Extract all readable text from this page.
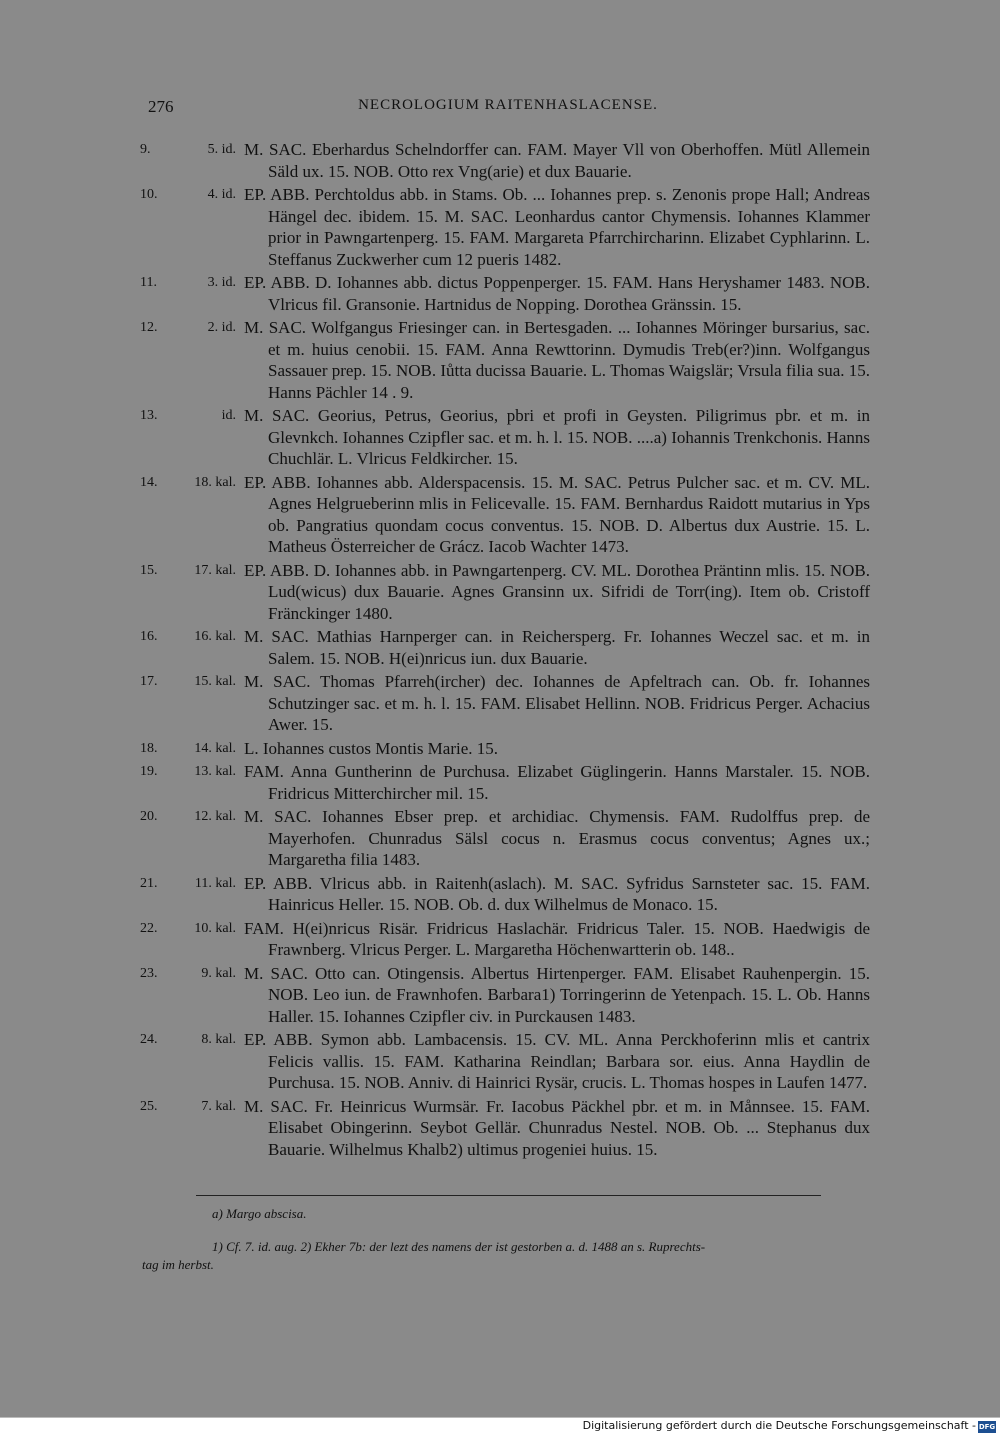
276	NECROLOGIUM RAITENHASLACENSE.
9.	5. id. M. SAC. Eberhardus Schelndorffer can. FAM. Mayer Vll von Oberhoffen. Mütl Allemein Säld ux. 15. NOB. Otto rex Vng(arie) et dux Bauarie.
10.	4. id. EP. ABB. Perchtoldus abb. in Stams. Ob. ... Iohannes prep. s. Zenonis prope Hall; Andreas Hängel dec. ibidem. 15. M. SAC. Leonhardus cantor Chymensis. Iohannes Klammer prior in Pawngartenperg. 15. FAM. Margareta Pfarrchircharinn. Elizabet Cyphlarinn. L. Steffanus Zuckwerher cum 12 pueris 1482.
11.	3. id. EP. ABB. D. Iohannes abb. dictus Poppenperger. 15. FAM. Hans Heryshamer 1483. NOB. Vlricus fil. Gransonie. Hartnidus de Nopping. Dorothea Gränssin. 15.
12.	2. id. M. SAC. Wolfgangus Friesinger can. in Bertesgaden. ... Iohannes Möringer bursarius, sac. et m. huius cenobii. 15. FAM. Anna Rewttorinn. Dymudis Treb(er?)inn. Wolfgangus Sassauer prep. 15. NOB. Iůtta ducissa Bauarie. L. Thomas Waigslär; Vrsula filia sua. 15. Hanns Pächler 14 . 9.
13.	id. M. SAC. Georius, Petrus, Georius, pbri et profi in Geysten. Piligrimus pbr. et m. in Glevnkch. Iohannes Czipfler sac. et m. h. l. 15. NOB. ....a) Iohannis Trenkchonis. Hanns Chuchlär. L. Vlricus Feldkircher. 15.
14.	18. kal. EP. ABB. Iohannes abb. Alderspacensis. 15. M. SAC. Petrus Pulcher sac. et m. CV. ML. Agnes Helgrueberinn mlis in Felicevalle. 15. FAM. Bernhardus Raidott mutarius in Yps ob. Pangratius quondam cocus conventus. 15. NOB. D. Albertus dux Austrie. 15. L. Matheus Österreicher de Grácz. Iacob Wachter 1473.
15.	17. kal. EP. ABB. D. Iohannes abb. in Pawngartenperg. CV. ML. Dorothea Präntinn mlis. 15. NOB. Lud(wicus) dux Bauarie. Agnes Gransinn ux. Sifridi de Torr(ing). Item ob. Cristoff Fränckinger 1480.
16.	16. kal. M. SAC. Mathias Harnperger can. in Reichersperg. Fr. Iohannes Weczel sac. et m. in Salem. 15. NOB. H(ei)nricus iun. dux Bauarie.
17.	15. kal. M. SAC. Thomas Pfarreh(ircher) dec. Iohannes de Apfeltrach can. Ob. fr. Iohannes Schutzinger sac. et m. h. l. 15. FAM. Elisabet Hellinn. NOB. Fridricus Perger. Achacius Awer. 15.
18.	14. kal. L. Iohannes custos Montis Marie. 15.
19.	13. kal. FAM. Anna Guntherinn de Purchusa. Elizabet Güglingerin. Hanns Marstaler. 15. NOB. Fridricus Mitterchircher mil. 15.
20.	12. kal. M. SAC. Iohannes Ebser prep. et archidiac. Chymensis. FAM. Rudolffus prep. de Mayerhofen. Chunradus Sälsl cocus n. Erasmus cocus conventus; Agnes ux.; Margaretha filia 1483.
21.	11. kal. EP. ABB. Vlricus abb. in Raitenh(aslach). M. SAC. Syfridus Sarnsteter sac. 15. FAM. Hainricus Heller. 15. NOB. Ob. d. dux Wilhelmus de Monaco. 15.
22.	10. kal. FAM. H(ei)nricus Risär. Fridricus Haslachär. Fridricus Taler. 15. NOB. Haedwigis de Frawnberg. Vlricus Perger. L. Margaretha Höchenwartterin ob. 148..
23.	9. kal. M. SAC. Otto can. Otingensis. Albertus Hirtenperger. FAM. Elisabet Rauhenpergin. 15. NOB. Leo iun. de Frawnhofen. Barbara1) Torringerinn de Yetenpach. 15. L. Ob. Hanns Haller. 15. Iohannes Czipfler civ. in Purckausen 1483.
24.	8. kal. EP. ABB. Symon abb. Lambacensis. 15. CV. ML. Anna Perckhoferinn mlis et cantrix Felicis vallis. 15. FAM. Katharina Reindlan; Barbara sor. eius. Anna Haydlin de Purchusa. 15. NOB. Anniv. di Hainrici Rysär, crucis. L. Thomas hospes in Laufen 1477.
25.	7. kal. M. SAC. Fr. Heinricus Wurmsär. Fr. Iacobus Päckhel pbr. et m. in Månnsee. 15. FAM. Elisabet Obingerinn. Seybot Gellär. Chunradus Nestel. NOB. Ob. ... Stephanus dux Bauarie. Wilhelmus Khalb2) ultimus progeniei huius. 15.
a) Margo abscisa.
1) Cf. 7. id. aug. 2) Ekher 7b: der lezt des namens der ist gestorben a. d. 1488 an s. Ruprechts-
tag im herbst.
Digitalisierung gefördert durch die Deutsche Forschungsgemeinschaft - DFG
